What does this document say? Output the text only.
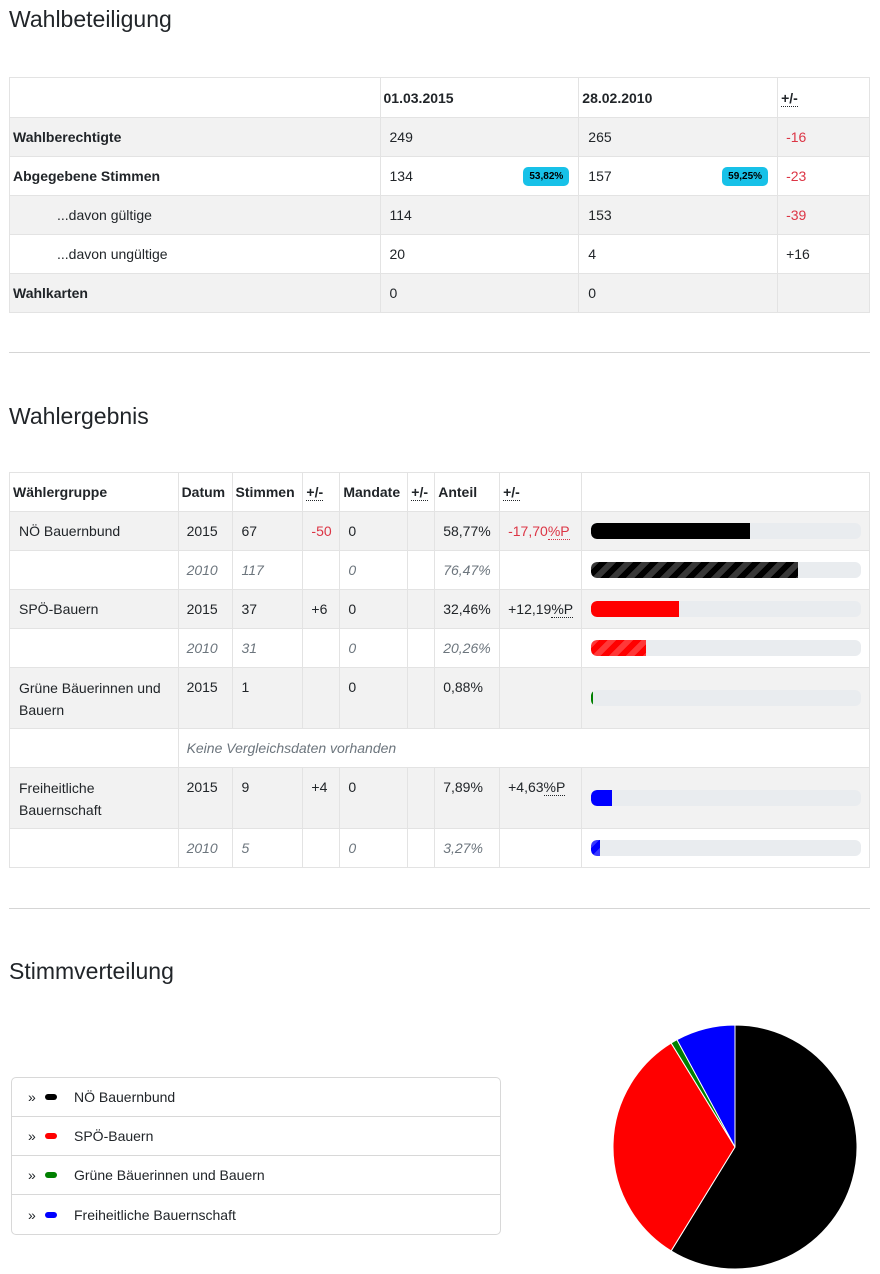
Wahlbeteiligung
	01.03.2015	28.02.2010	+/-
Wahlberechtigte	249	265	-16
Abgegebene Stimmen	134 53,82%	157 59,25%	-23
...davon gültige	114	153	-39
...davon ungültige	20	4	+16
Wahlkarten	0	0	
Wahlergebnis
Wählergruppe	Datum	Stimmen	+/-	Mandate	+/-	Anteil	+/-	
NÖ Bauernbund	2015	67	-50	0		58,77%	-17,70%P	

	2010	117		0		76,47%		

SPÖ-Bauern	2015	37	+6	0		32,46%	+12,19%P	

	2010	31		0		20,26%		

Grüne Bäuerinnen und Bauern	2015	1		0		0,88%		

	Keine Vergleichsdaten vorhanden							
Freiheitliche Bauernschaft	2015	9	+4	0		7,89%	+4,63%P	

	2010	5		0		3,27%		
Stimmverteilung
»	NÖ Bauernbund
»	SPÖ-Bauern
»	Grüne Bäuerinnen und Bauern
»	Freiheitliche Bauernschaft
